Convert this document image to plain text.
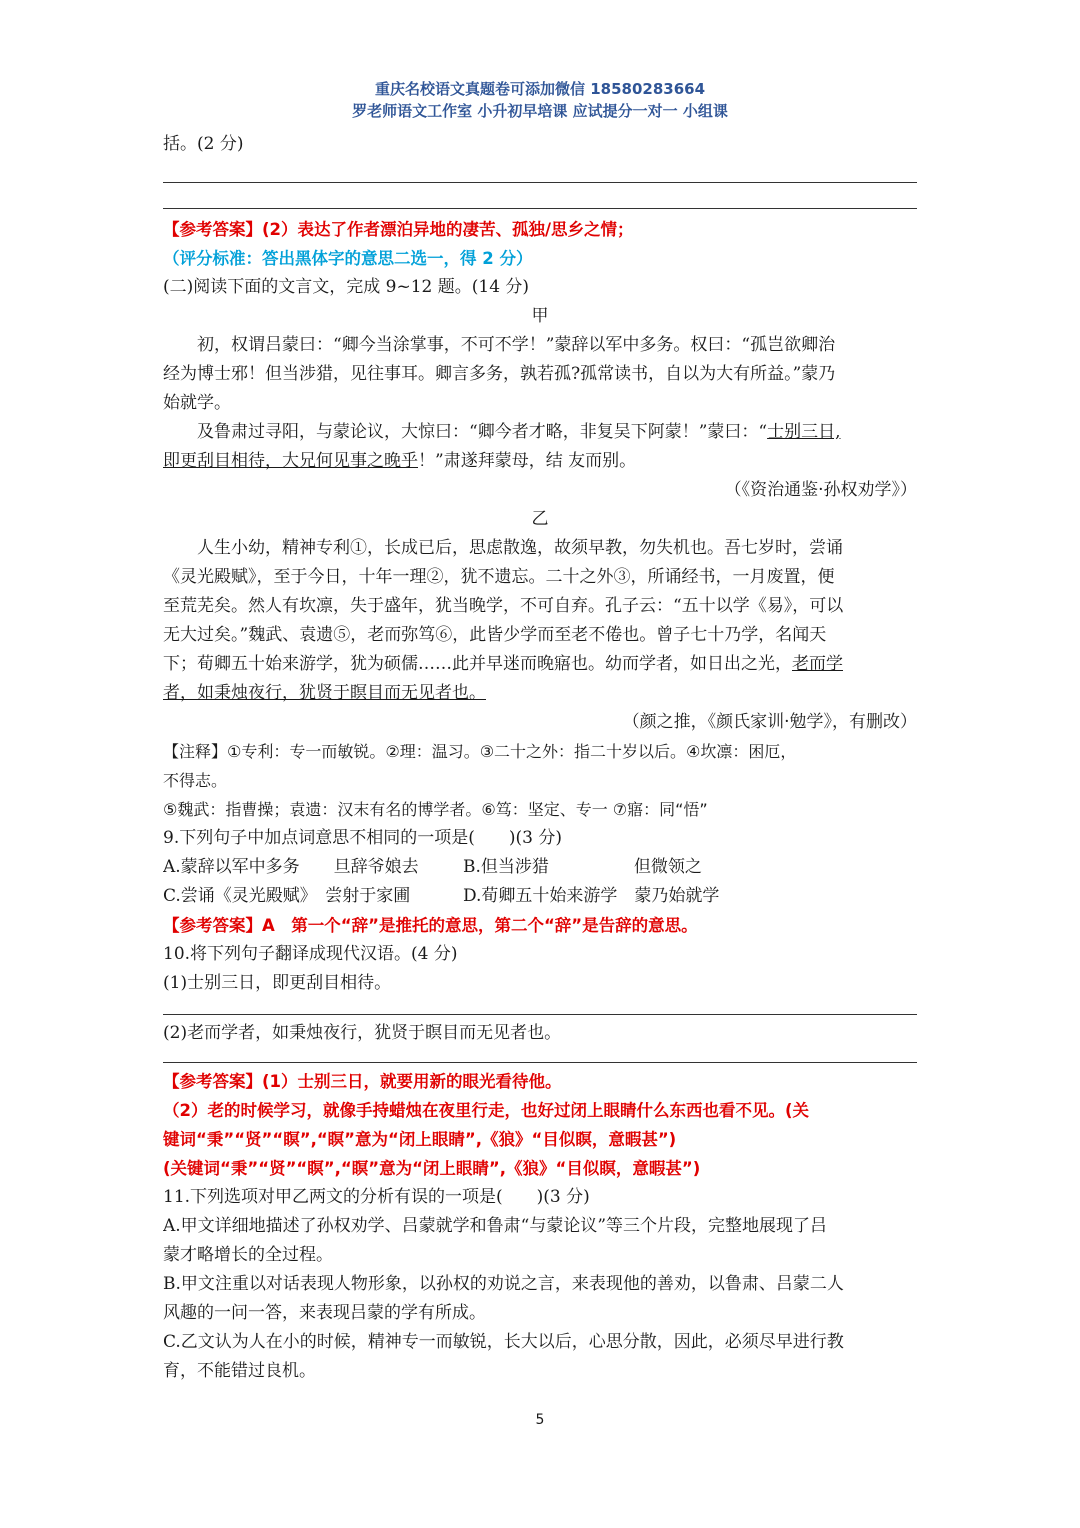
重庆名校语文真题卷可添加微信 18580283664
罗老师语文工作室 小升初早培课 应试提分一对一 小组课
括。(2 分)
【参考答案】(2）表达了作者漂泊异地的凄苦、孤独/思乡之情；
（评分标准：答出黑体字的意思二选一，得 2 分）
(二)阅读下面的文言文，完成 9~12 题。(14 分)
甲
初，权谓吕蒙曰：“卿今当涂掌事，不可不学！”蒙辞以军中多务。权曰：“孤岂欲卿治
经为博士邪！但当涉猎，见往事耳。卿言多务，孰若孤?孤常读书，自以为大有所益。”蒙乃
始就学。
及鲁肃过寻阳，与蒙论议，大惊曰：“卿今者才略，非复吴下阿蒙！”蒙曰：“士别三日,
即更刮目相待，大兄何见事之晚乎！”肃遂拜蒙母，结 友而别。
（《资治通鉴·孙权劝学》）
乙
人生小幼，精神专利①，长成已后，思虑散逸，故须早教，勿失机也。吾七岁时，尝诵
《灵光殿赋》，至于今日，十年一理②，犹不遗忘。二十之外③，所诵经书，一月废置，便
至荒芜矣。然人有坎凛，失于盛年，犹当晚学，不可自弃。孔子云：“五十以学《易》，可以
无大过矣。”魏武、袁遗⑤，老而弥笃⑥，此皆少学而至老不倦也。曾子七十乃学，名闻天
下；荀卿五十始来游学，犹为硕儒……此并早迷而晚寤也。幼而学者，如日出之光，老而学
者，如秉烛夜行，犹贤于瞑目而无见者也。
（颜之推，《颜氏家训·勉学》，有删改）
【注释】①专利：专一而敏锐。②理：温习。③二十之外：指二十岁以后。④坎凛：困厄，
不得志。
⑤魏武：指曹操；袁遗：汉末有名的博学者。⑥笃：坚定、专一 ⑦寤：同“悟”
9.下列句子中加点词意思不相同的一项是(　　)(3 分)
A.蒙辞以军中多务　　旦辞爷娘去	B.但当涉猎　　　　　但微领之
C.尝诵《灵光殿赋》　尝射于家圃	D.荀卿五十始来游学　蒙乃始就学
【参考答案】A　第一个“辞”是推托的意思，第二个“辞”是告辞的意思。
10.将下列句子翻译成现代汉语。(4 分)
(1)士别三日，即更刮目相待。
(2)老而学者，如秉烛夜行，犹贤于瞑目而无见者也。
【参考答案】(1）士别三日，就要用新的眼光看待他。
（2）老的时候学习，就像手持蜡烛在夜里行走，也好过闭上眼睛什么东西也看不见。(关
键词“秉”“贤”“瞑”,“瞑”意为“闭上眼睛”,《狼》“目似瞑，意暇甚”)
(关键词“秉”“贤”“瞑”,“瞑”意为“闭上眼睛”,《狼》“目似瞑，意暇甚”)
11.下列选项对甲乙两文的分析有误的一项是(　　)(3 分)
A.甲文详细地描述了孙权劝学、吕蒙就学和鲁肃“与蒙论议”等三个片段，完整地展现了吕
蒙才略增长的全过程。
B.甲文注重以对话表现人物形象，以孙权的劝说之言，来表现他的善劝，以鲁肃、吕蒙二人
风趣的一问一答，来表现吕蒙的学有所成。
C.乙文认为人在小的时候，精神专一而敏锐，长大以后，心思分散，因此，必须尽早进行教
育，不能错过良机。
5
